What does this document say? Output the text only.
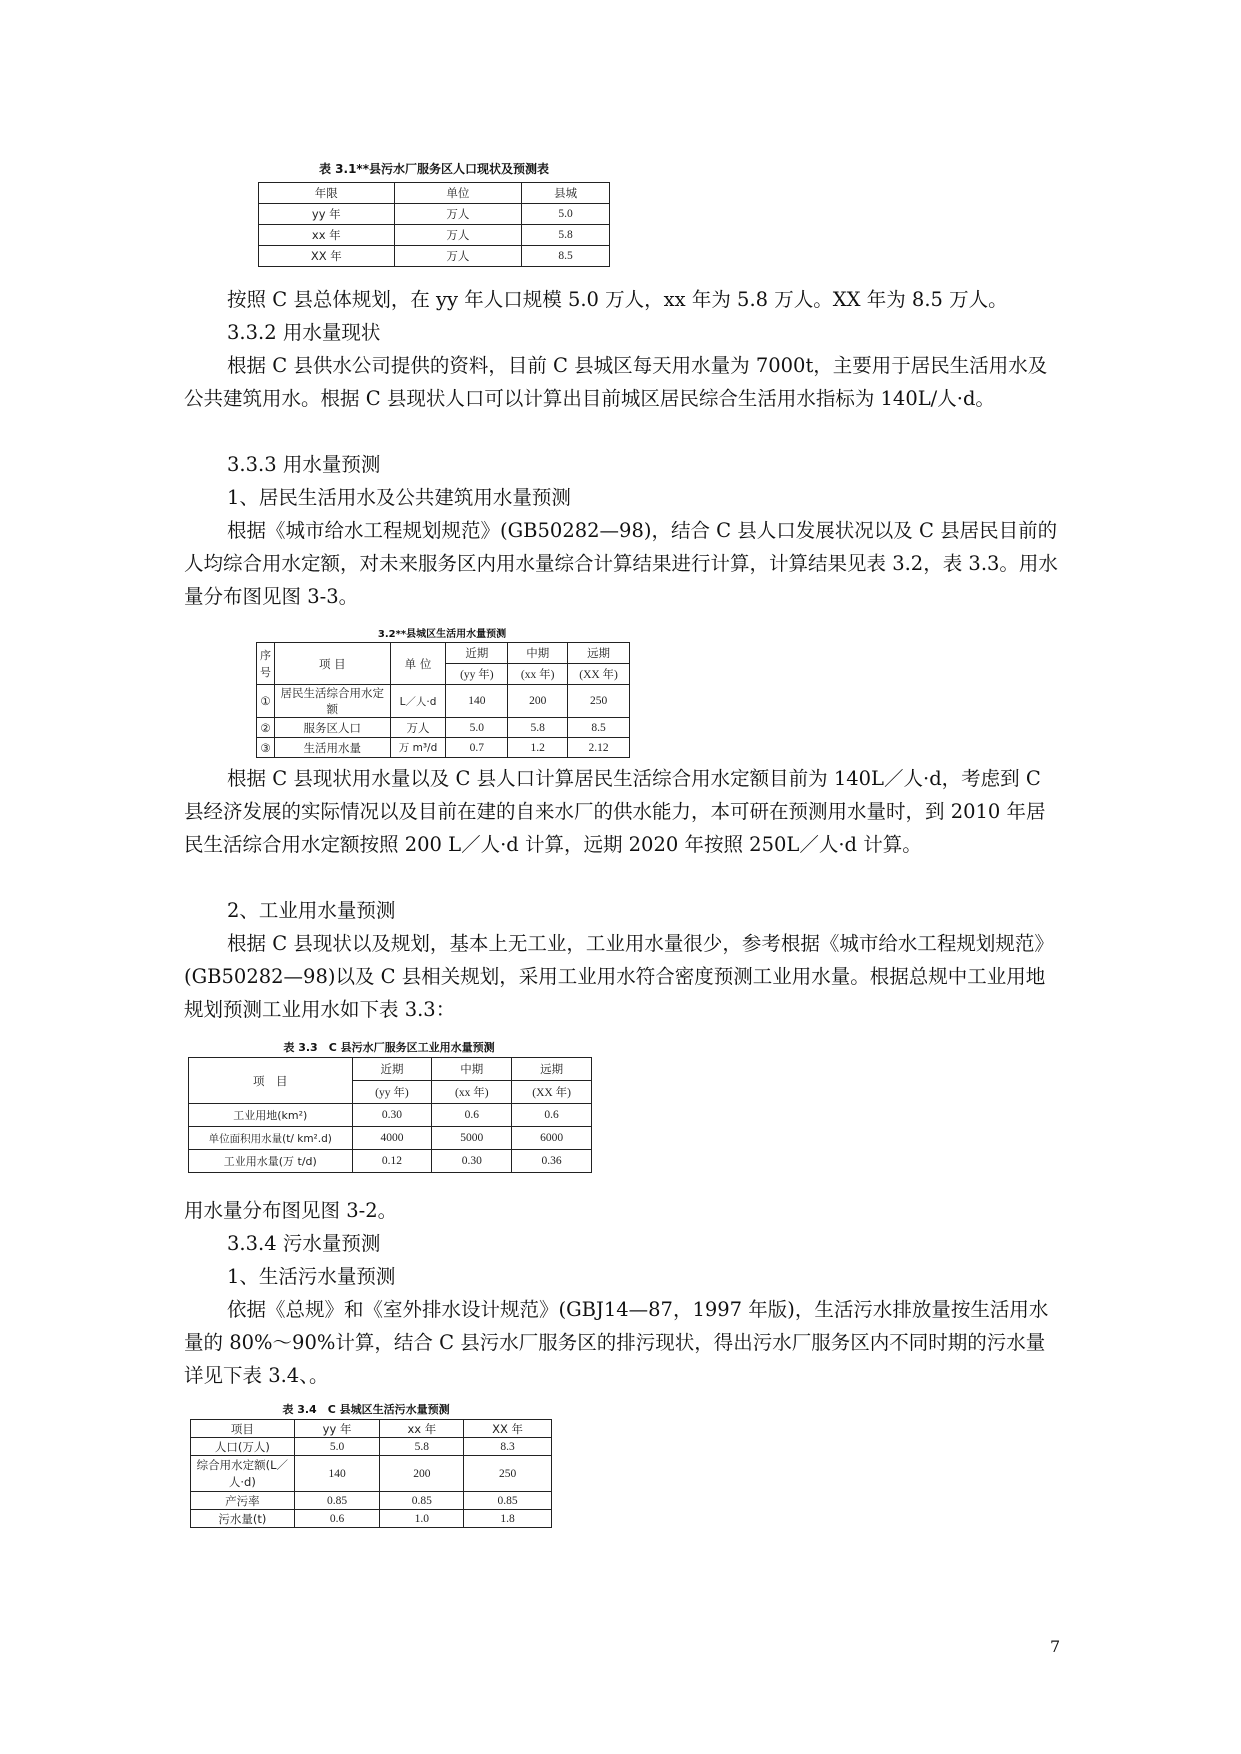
表 3.1**县污水厂服务区人口现状及预测表
年限	单位	县城
yy 年	万人	5.0
xx 年	万人	5.8
XX 年	万人	8.5

按照 C 县总体规划，在 yy 年人口规模 5.0 万人，xx 年为 5.8 万人。XX 年为 8.5 万人。

3.3.2 用水量现状

根据 C 县供水公司提供的资料，目前 C 县城区每天用水量为 7000t，主要用于居民生活用水及公共建筑用水。根据 C 县现状人口可以计算出目前城区居民综合生活用水指标为 140L/人·d。

3.3.3 用水量预测

1、居民生活用水及公共建筑用水量预测

根据《城市给水工程规划规范》(GB50282—98)，结合 C 县人口发展状况以及 C 县居民目前的人均综合用水定额，对未来服务区内用水量综合计算结果进行计算，计算结果见表 3.2，表 3.3。用水量分布图见图 3-3。

3.2**县城区生活用水量预测
序号	项 目	单 位	近期	中期	远期
			(yy 年)	(xx 年)	(XX 年)
①	居民生活综合用水定额	L／人·d	140	200	250
②	服务区人口	万人	5.0	5.8	8.5
③	生活用水量	万 m³/d	0.7	1.2	2.12

根据 C 县现状用水量以及 C 县人口计算居民生活综合用水定额目前为 140L／人·d，考虑到 C 县经济发展的实际情况以及目前在建的自来水厂的供水能力，本可研在预测用水量时，到 2010 年居民生活综合用水定额按照 200 L／人·d 计算，远期 2020 年按照 250L／人·d 计算。

2、工业用水量预测

根据 C 县现状以及规划，基本上无工业，工业用水量很少，参考根据《城市给水工程规划规范》(GB50282—98)以及 C 县相关规划，采用工业用水符合密度预测工业用水量。根据总规中工业用地规划预测工业用水如下表 3.3：

表 3.3　C 县污水厂服务区工业用水量预测
项　目	近期	中期	远期
	(yy 年)	(xx 年)	(XX 年)
工业用地(km²)	0.30	0.6	0.6
单位面积用水量(t/ km².d)	4000	5000	6000
工业用水量(万 t/d)	0.12	0.30	0.36

用水量分布图见图 3-2。

3.3.4 污水量预测

1、生活污水量预测

依据《总规》和《室外排水设计规范》(GBJ14—87，1997 年版)，生活污水排放量按生活用水量的 80%～90%计算，结合 C 县污水厂服务区的排污现状，得出污水厂服务区内不同时期的污水量详见下表 3.4、。

表 3.4　C 县城区生活污水量预测
项目	yy 年	xx 年	XX 年
人口(万人)	5.0	5.8	8.3
综合用水定额(L／人·d)	140	200	250
产污率	0.85	0.85	0.85
污水量(t)	0.6	1.0	1.8
7
